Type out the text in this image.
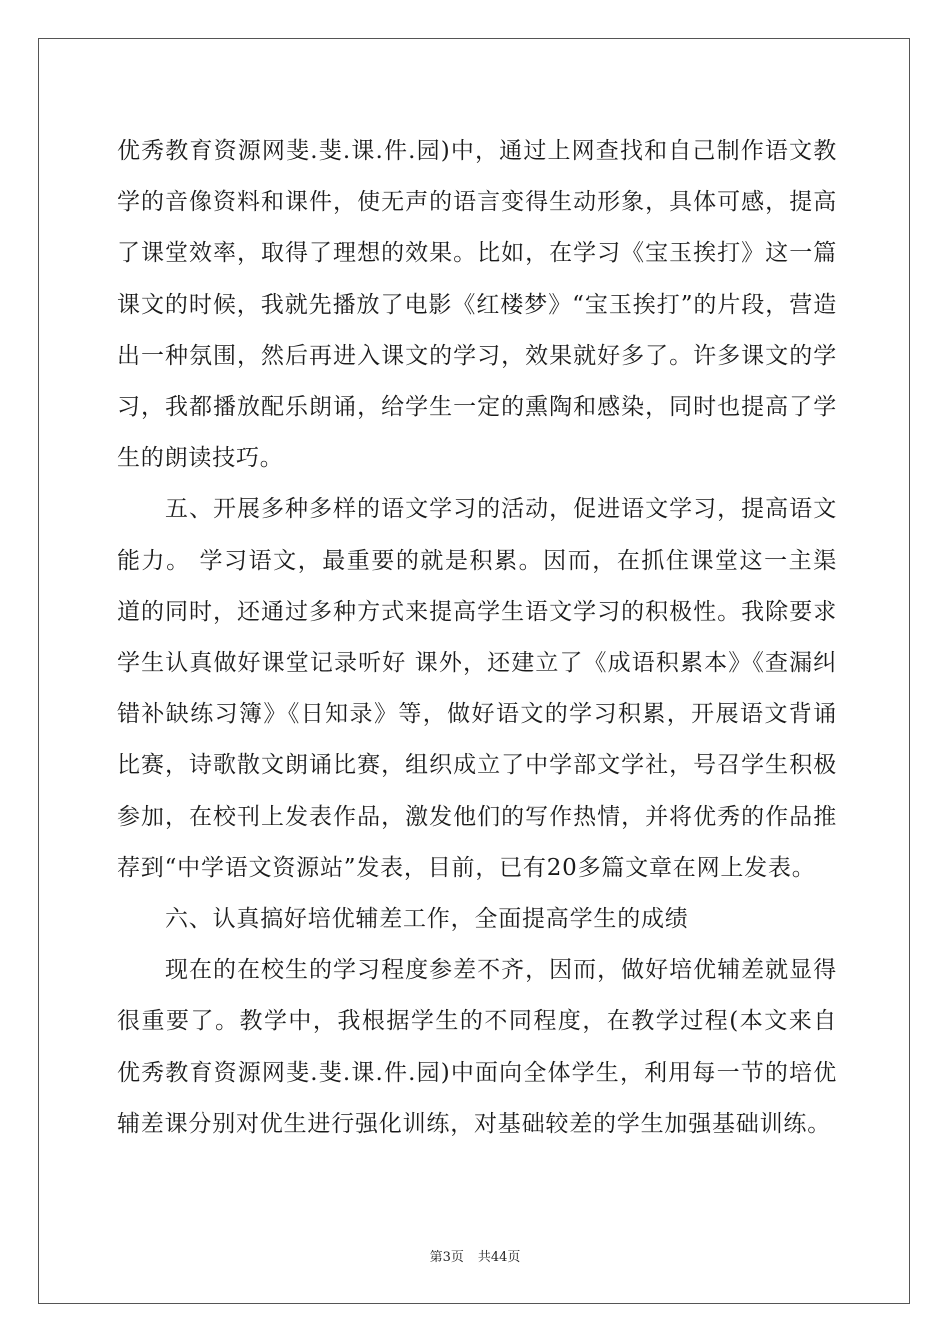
优秀教育资源网斐.斐.课.件.园)中，通过上网查找和自己制作语文教学的音像资料和课件，使无声的语言变得生动形象，具体可感，提高了课堂效率，取得了理想的效果。比如，在学习《宝玉挨打》这一篇课文的时候，我就先播放了电影《红楼梦》“宝玉挨打”的片段，营造出一种氛围，然后再进入课文的学习，效果就好多了。许多课文的学习，我都播放配乐朗诵，给学生一定的熏陶和感染，同时也提高了学生的朗读技巧。

五、开展多种多样的语文学习的活动，促进语文学习，提高语文能力。 学习语文，最重要的就是积累。因而，在抓住课堂这一主渠道的同时，还通过多种方式来提高学生语文学习的积极性。我除要求学生认真做好课堂记录听好 课外，还建立了《成语积累本》《查漏纠错补缺练习簿》《日知录》等，做好语文的学习积累，开展语文背诵比赛，诗歌散文朗诵比赛，组织成立了中学部文学社，号召学生积极参加，在校刊上发表作品，激发他们的写作热情，并将优秀的作品推荐到“中学语文资源站”发表，目前，已有20多篇文章在网上发表。

六、认真搞好培优辅差工作，全面提高学生的成绩

现在的在校生的学习程度参差不齐，因而，做好培优辅差就显得很重要了。教学中，我根据学生的不同程度，在教学过程(本文来自优秀教育资源网斐.斐.课.件.园)中面向全体学生，利用每一节的培优辅差课分别对优生进行强化训练，对基础较差的学生加强基础训练。

第3页 共44页
